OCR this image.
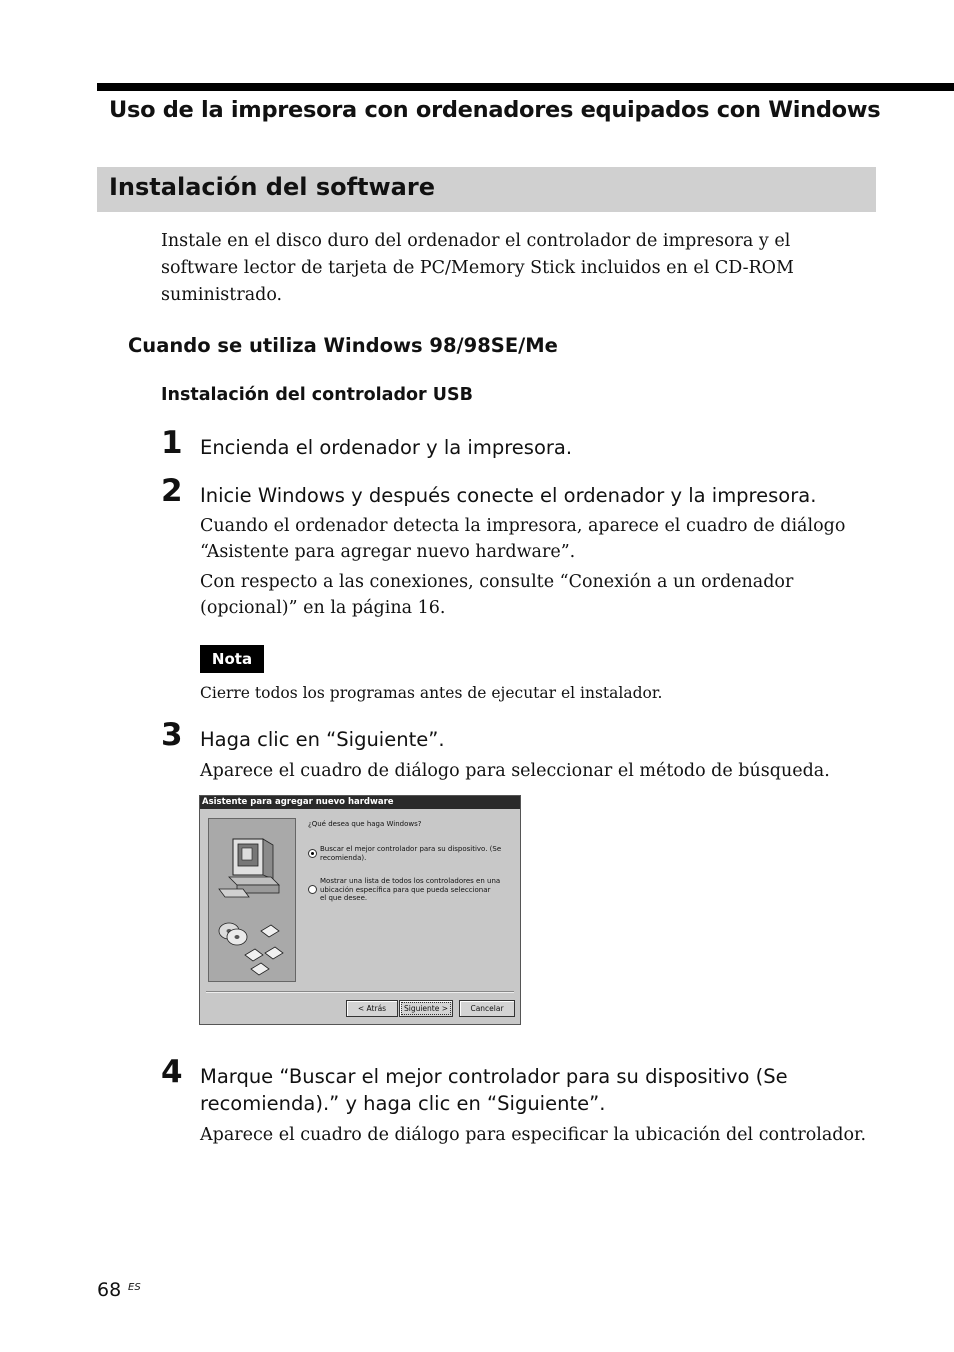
Uso de la impresora con ordenadores equipados con Windows
Instalación del software
Instale en el disco duro del ordenador el controlador de impresora y el
software lector de tarjeta de PC/Memory Stick incluidos en el CD-ROM
suministrado.
Cuando se utiliza Windows 98/98SE/Me
Instalación del controlador USB
1 Encienda el ordenador y la impresora.
2 Inicie Windows y después conecte el ordenador y la impresora.
Cuando el ordenador detecta la impresora, aparece el cuadro de diálogo
“Asistente para agregar nuevo hardware”.
Con respecto a las conexiones, consulte “Conexión a un ordenador
(opcional)” en la página 16.
Nota
Cierre todos los programas antes de ejecutar el instalador.
3 Haga clic en “Siguiente”.
Aparece el cuadro de diálogo para seleccionar el método de búsqueda.
Asistente para agregar nuevo hardware
¿Qué desea que haga Windows?
Buscar el mejor controlador para su dispositivo. (Se
recomienda).
Mostrar una lista de todos los controladores en una
ubicación específica para que pueda seleccionar
el que desee.
< Atrás	Siguiente >	Cancelar
4 Marque “Buscar el mejor controlador para su dispositivo (Se
recomienda).” y haga clic en “Siguiente”.
Aparece el cuadro de diálogo para especificar la ubicación del controlador.
68 ES
